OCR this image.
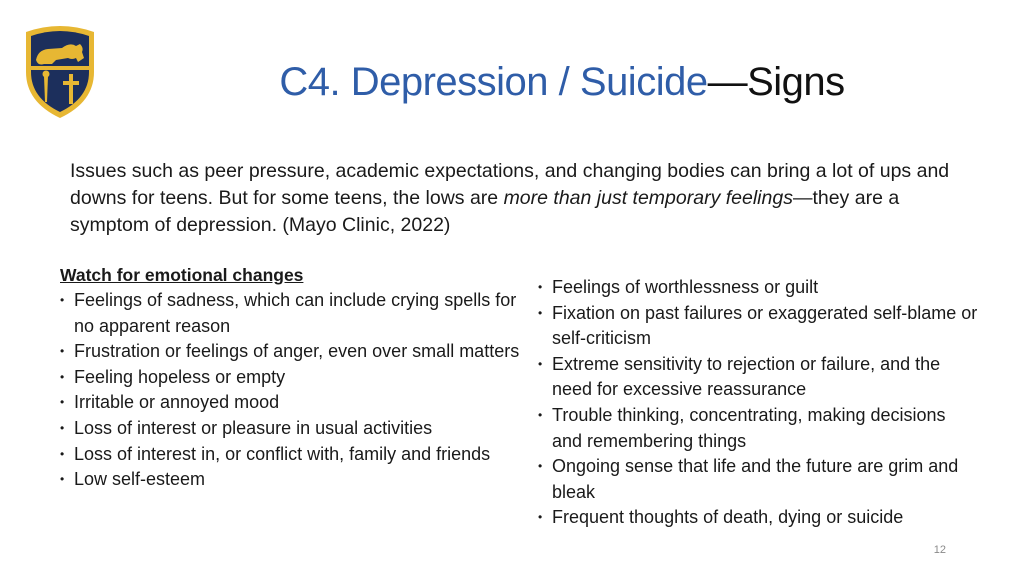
C4. Depression / Suicide—Signs
Issues such as peer pressure, academic expectations, and changing bodies can bring a lot of ups and downs for teens. But for some teens, the lows are more than just temporary feelings—they are a symptom of depression. (Mayo Clinic, 2022)
Watch for emotional changes
• Feelings of sadness, which can include crying spells for no apparent reason
• Frustration or feelings of anger, even over small matters
• Feeling hopeless or empty
• Irritable or annoyed mood
• Loss of interest or pleasure in usual activities
• Loss of interest in, or conflict with, family and friends
• Low self-esteem
• Feelings of worthlessness or guilt
• Fixation on past failures or exaggerated self-blame or self-criticism
• Extreme sensitivity to rejection or failure, and the need for excessive reassurance
• Trouble thinking, concentrating, making decisions and remembering things
• Ongoing sense that life and the future are grim and bleak
• Frequent thoughts of death, dying or suicide
12
